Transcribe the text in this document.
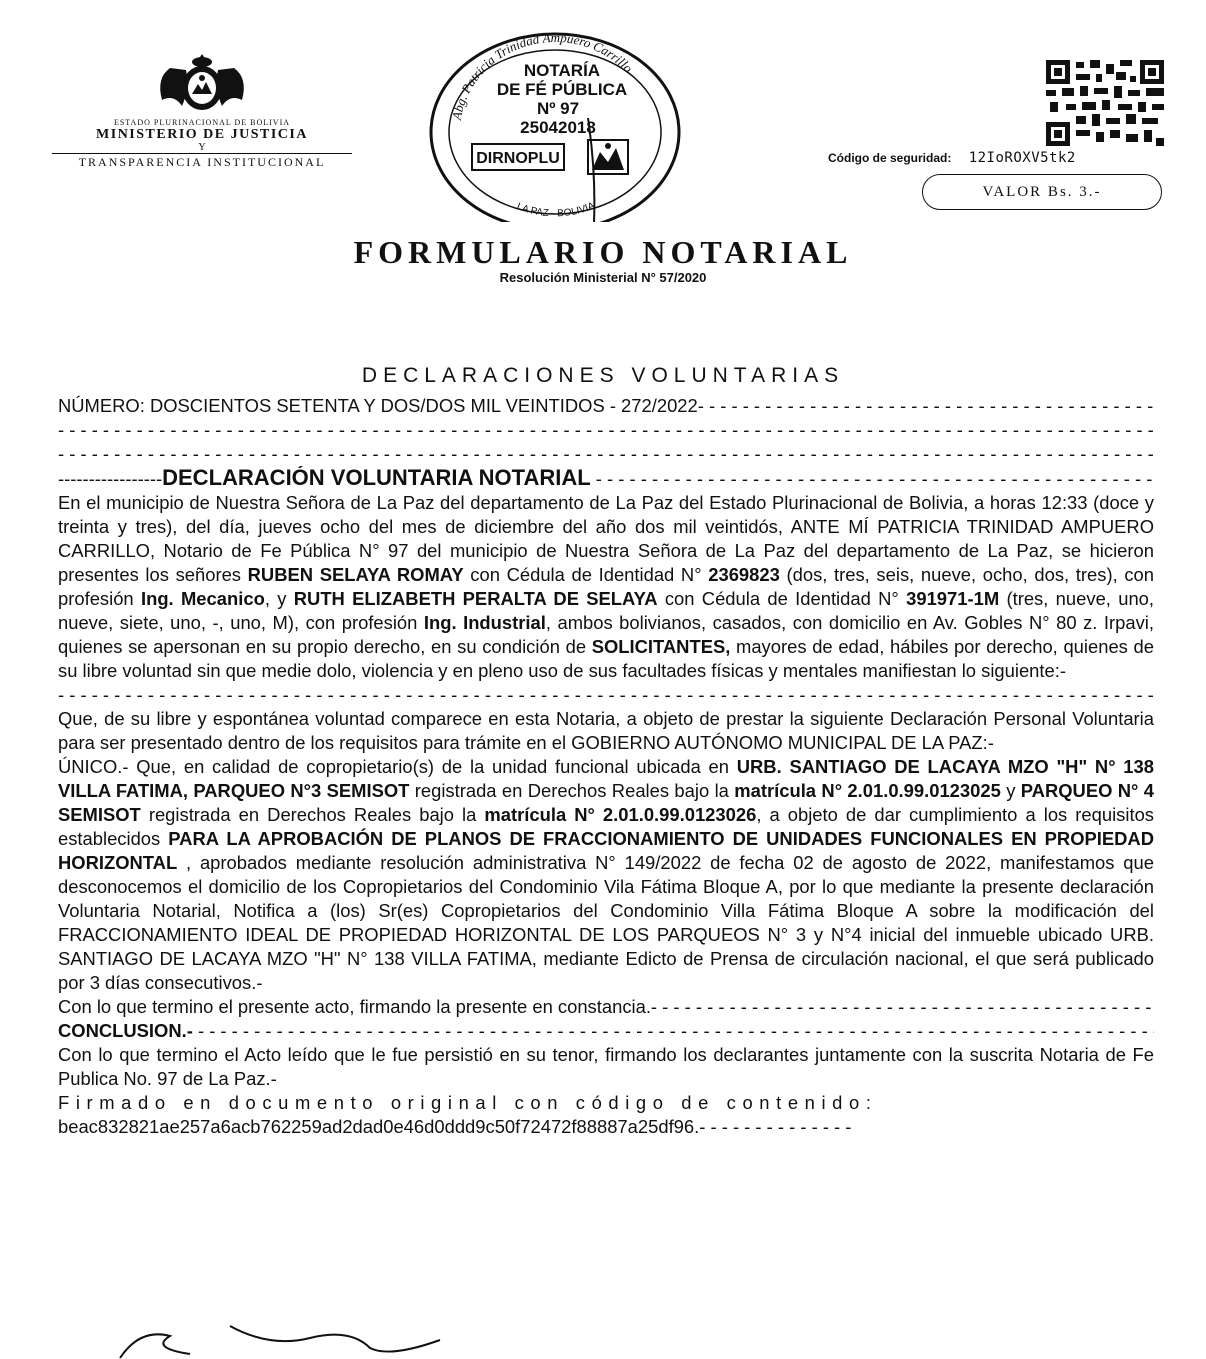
ESTADO PLURINACIONAL DE BOLIVIA
MINISTERIO DE JUSTICIA
Y
TRANSPARENCIA INSTITUCIONAL
Abg. Patricia Trinidad Ampuero Carrillo
NOTARÍA
DE FÉ PÚBLICA
Nº 97
25042018
DIRNOPLU
LA PAZ - BOLIVIA
Código de seguridad: 12IoROXV5tk2
VALOR Bs. 3.-
FORMULARIO NOTARIAL
Resolución Ministerial N° 57/2020
DECLARACIONES VOLUNTARIAS
NÚMERO: DOSCIENTOS SETENTA Y DOS/DOS MIL VEINTIDOS - 272/2022- - - -
- - -
- - -
-----------------DECLARACIÓN VOLUNTARIA NOTARIAL - - -

En el municipio de Nuestra Señora de La Paz del departamento de La Paz del Estado Plurinacional de Bolivia, a horas 12:33 (doce y treinta y tres), del día, jueves ocho del mes de diciembre del año dos mil veintidós, ANTE MÍ PATRICIA TRINIDAD AMPUERO CARRILLO, Notario de Fe Pública N° 97 del municipio de Nuestra Señora de La Paz del departamento de La Paz, se hicieron presentes los señores RUBEN SELAYA ROMAY con Cédula de Identidad N° 2369823 (dos, tres, seis, nueve, ocho, dos, tres), con profesión Ing. Mecanico, y RUTH ELIZABETH PERALTA DE SELAYA con Cédula de Identidad N° 391971-1M (tres, nueve, uno, nueve, siete, uno, -, uno, M), con profesión Ing. Industrial, ambos bolivianos, casados, con domicilio en Av. Gobles N° 80 z. Irpavi, quienes se apersonan en su propio derecho, en su condición de SOLICITANTES, mayores de edad, hábiles por derecho, quienes de su libre voluntad sin que medie dolo, violencia y en pleno uso de sus facultades físicas y mentales manifiestan lo siguiente:-

- - -

Que, de su libre y espontánea voluntad comparece en esta Notaria, a objeto de prestar la siguiente Declaración Personal Voluntaria para ser presentado dentro de los requisitos para trámite en el GOBIERNO AUTÓNOMO MUNICIPAL DE LA PAZ:-

ÚNICO.- Que, en calidad de copropietario(s) de la unidad funcional ubicada en URB. SANTIAGO DE LACAYA MZO "H" N° 138 VILLA FATIMA, PARQUEO N°3 SEMISOT registrada en Derechos Reales bajo la matrícula N° 2.01.0.99.0123025 y PARQUEO N° 4 SEMISOT registrada en Derechos Reales bajo la matrícula N° 2.01.0.99.0123026, a objeto de dar cumplimiento a los requisitos establecidos PARA LA APROBACIÓN DE PLANOS DE FRACCIONAMIENTO DE UNIDADES FUNCIONALES EN PROPIEDAD HORIZONTAL , aprobados mediante resolución administrativa N° 149/2022 de fecha 02 de agosto de 2022, manifestamos que desconocemos el domicilio de los Copropietarios del Condominio Vila Fátima Bloque A, por lo que mediante la presente declaración Voluntaria Notarial, Notifica a (los) Sr(es) Copropietarios del Condominio Villa Fátima Bloque A sobre la modificación del FRACCIONAMIENTO IDEAL DE PROPIEDAD HORIZONTAL DE LOS PARQUEOS N° 3 y N°4 inicial del inmueble ubicado URB. SANTIAGO DE LACAYA MZO "H" N° 138 VILLA FATIMA, mediante Edicto de Prensa de circulación nacional, el que será publicado por 3 días consecutivos.-

Con lo que termino el presente acto, firmando la presente en constancia.- - - -
CONCLUSION.- - - -

Con lo que termino el Acto leído que le fue persistió en su tenor, firmando los declarantes juntamente con la suscrita Notaria de Fe Publica No. 97 de La Paz.-

Firmado en documento original con código de contenido:
beac832821ae257a6acb762259ad2dad0e46d0ddd9c50f72472f88887a25df96.- - - -
